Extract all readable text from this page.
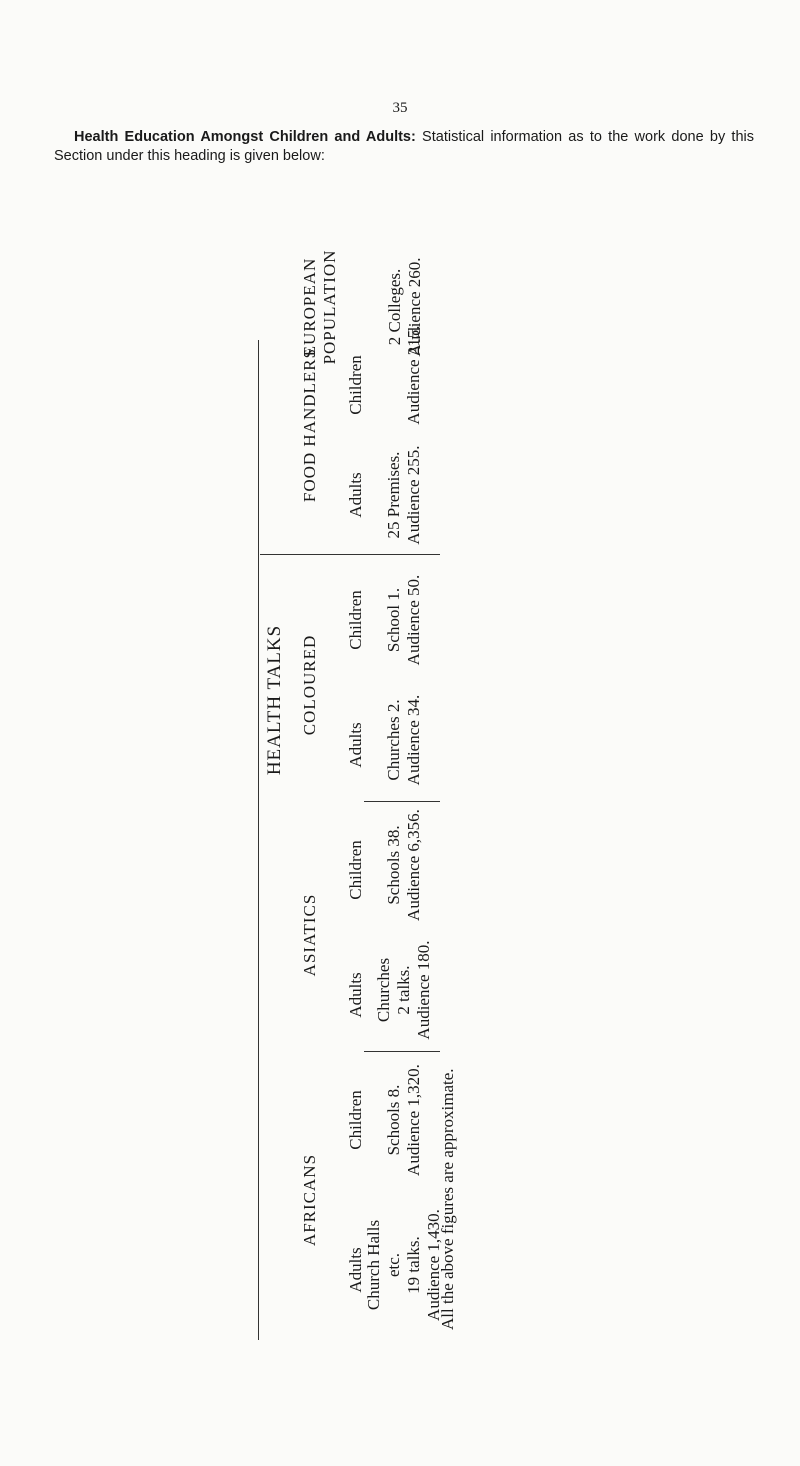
35
Health Education Amongst Children and Adults: Statistical information as to the work done by this Section under this heading is given below:
HEALTH TALKS
AFRICANS
ASIATICS
COLOURED
FOOD HANDLERS
Adults
Children
Adults
Children
Adults
Children
Adults
Children
Church Halls etc. 19 talks. Audience 1,430.
Schools 8. Audience 1,320.
Churches 2 talks. Audience 180.
Schools 38. Audience 6,356.
Churches 2. Audience 34.
School 1. Audience 50.
25 Premises. Audience 255.
Audience 215.
EUROPEAN POPULATION	2 Colleges. Audience 260.
All the above figures are approximate.
